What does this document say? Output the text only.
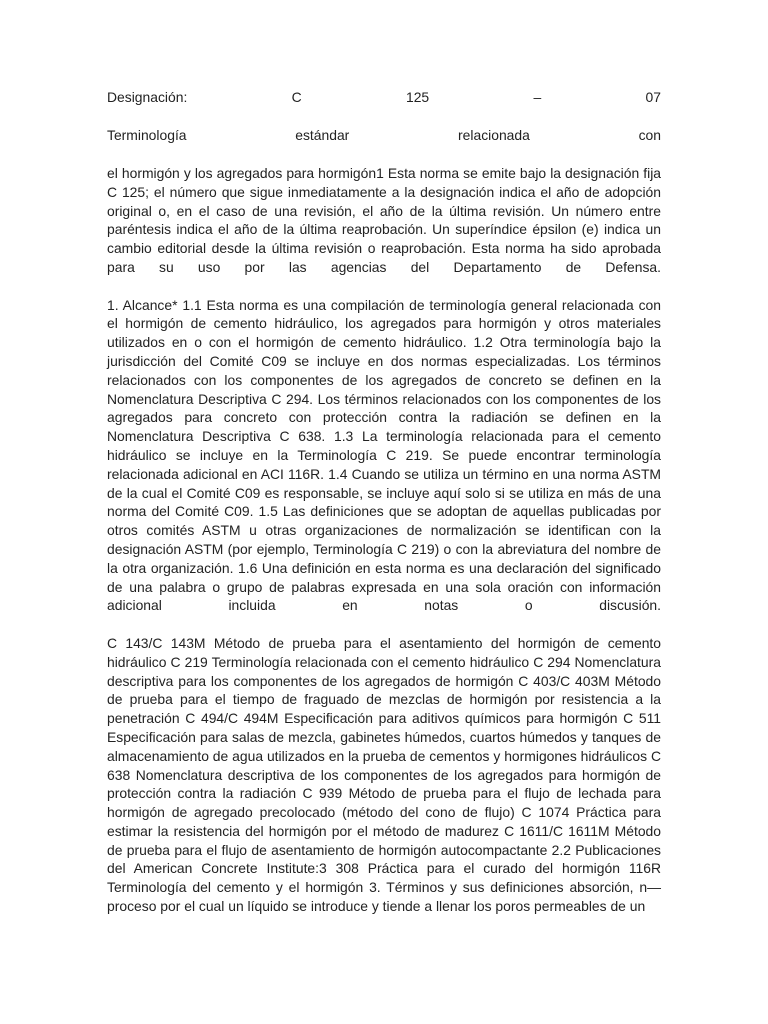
Designación:	C	125	–	07
Terminología	estándar	relacionada	con

el hormigón y los agregados para hormigón1 Esta norma se emite bajo la designación fija C 125; el número que sigue inmediatamente a la designación indica el año de adopción original o, en el caso de una revisión, el año de la última revisión. Un número entre paréntesis indica el año de la última reaprobación. Un superíndice épsilon (e) indica un cambio editorial desde la última revisión o reaprobación. Esta norma ha sido aprobada para su uso por las agencias del Departamento de Defensa.

1. Alcance* 1.1 Esta norma es una compilación de terminología general relacionada con el hormigón de cemento hidráulico, los agregados para hormigón y otros materiales utilizados en o con el hormigón de cemento hidráulico. 1.2 Otra terminología bajo la jurisdicción del Comité C09 se incluye en dos normas especializadas. Los términos relacionados con los componentes de los agregados de concreto se definen en la Nomenclatura Descriptiva C 294. Los términos relacionados con los componentes de los agregados para concreto con protección contra la radiación se definen en la Nomenclatura Descriptiva C 638. 1.3 La terminología relacionada para el cemento hidráulico se incluye en la Terminología C 219. Se puede encontrar terminología relacionada adicional en ACI 116R. 1.4 Cuando se utiliza un término en una norma ASTM de la cual el Comité C09 es responsable, se incluye aquí solo si se utiliza en más de una norma del Comité C09. 1.5 Las definiciones que se adoptan de aquellas publicadas por otros comités ASTM u otras organizaciones de normalización se identifican con la designación ASTM (por ejemplo, Terminología C 219) o con la abreviatura del nombre de la otra organización. 1.6 Una definición en esta norma es una declaración del significado de una palabra o grupo de palabras expresada en una sola oración con información adicional incluida en notas o discusión.

C 143/C 143M Método de prueba para el asentamiento del hormigón de cemento hidráulico C 219 Terminología relacionada con el cemento hidráulico C 294 Nomenclatura descriptiva para los componentes de los agregados de hormigón C 403/C 403M Método de prueba para el tiempo de fraguado de mezclas de hormigón por resistencia a la penetración C 494/C 494M Especificación para aditivos químicos para hormigón C 511 Especificación para salas de mezcla, gabinetes húmedos, cuartos húmedos y tanques de almacenamiento de agua utilizados en la prueba de cementos y hormigones hidráulicos C 638 Nomenclatura descriptiva de los componentes de los agregados para hormigón de protección contra la radiación C 939 Método de prueba para el flujo de lechada para hormigón de agregado precolocado (método del cono de flujo) C 1074 Práctica para estimar la resistencia del hormigón por el método de madurez C 1611/C 1611M Método de prueba para el flujo de asentamiento de hormigón autocompactante 2.2 Publicaciones del American Concrete Institute:3 308 Práctica para el curado del hormigón 116R Terminología del cemento y el hormigón 3. Términos y sus definiciones absorción, n— proceso por el cual un líquido se introduce y tiende a llenar los poros permeables de un
